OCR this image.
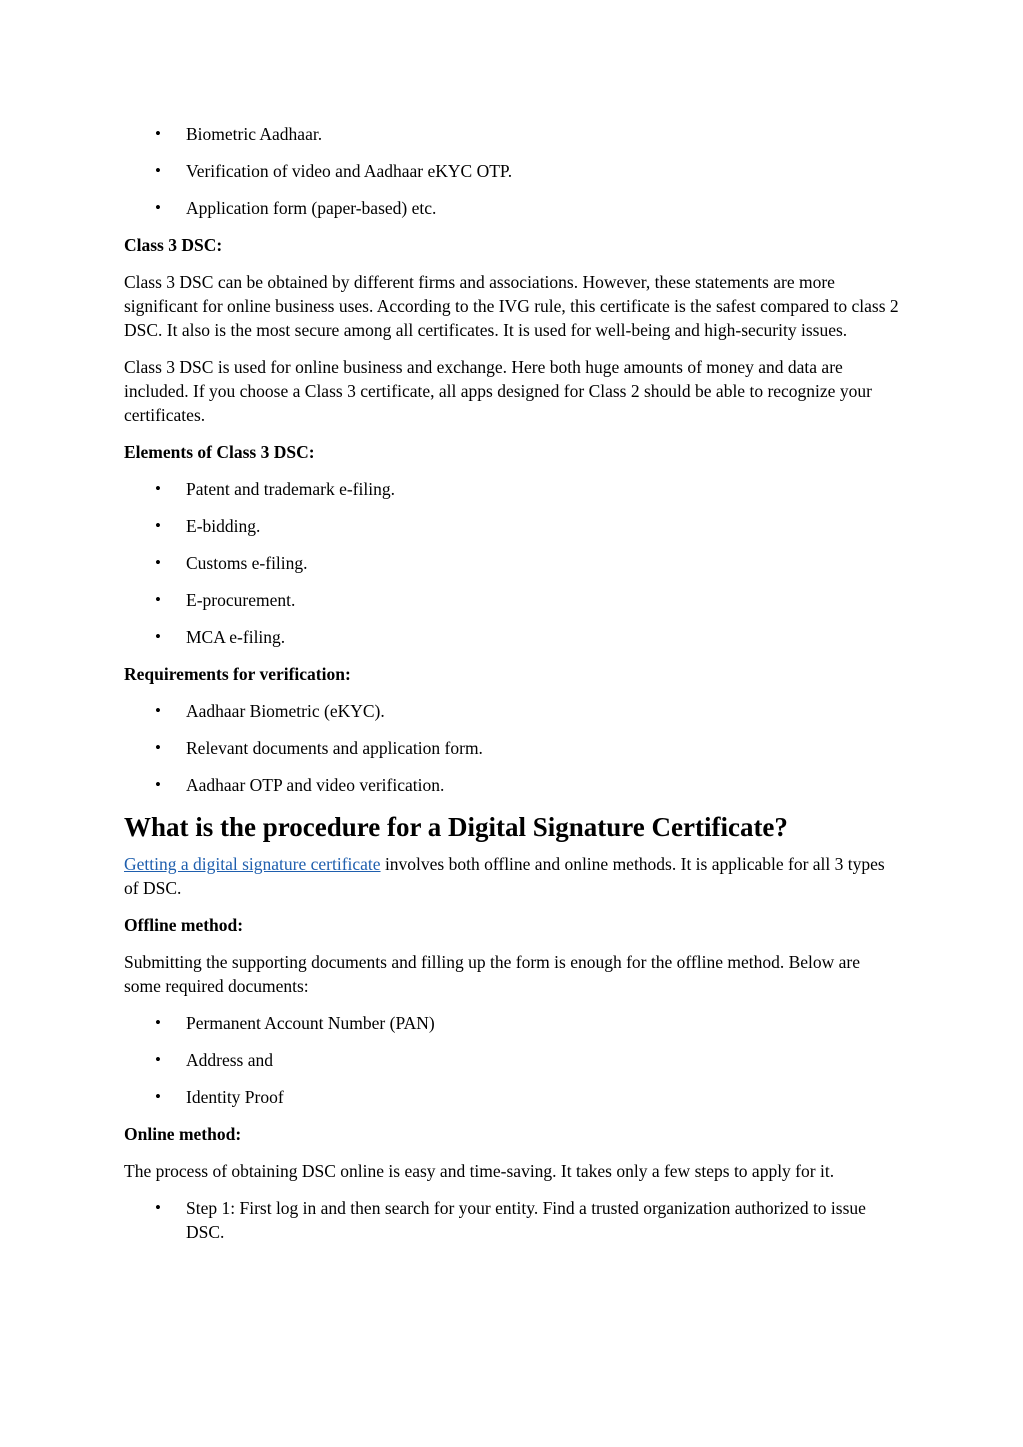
• Biometric Aadhaar.
• Verification of video and Aadhaar eKYC OTP.
• Application form (paper-based) etc.

Class 3 DSC:

Class 3 DSC can be obtained by different firms and associations. However, these statements are more significant for online business uses. According to the IVG rule, this certificate is the safest compared to class 2 DSC. It also is the most secure among all certificates. It is used for well-being and high-security issues.

Class 3 DSC is used for online business and exchange. Here both huge amounts of money and data are included. If you choose a Class 3 certificate, all apps designed for Class 2 should be able to recognize your certificates.

Elements of Class 3 DSC:

• Patent and trademark e-filing.
• E-bidding.
• Customs e-filing.
• E-procurement.
• MCA e-filing.

Requirements for verification:

• Aadhaar Biometric (eKYC).
• Relevant documents and application form.
• Aadhaar OTP and video verification.
What is the procedure for a Digital Signature Certificate?

Getting a digital signature certificate involves both offline and online methods. It is applicable for all 3 types of DSC.

Offline method:

Submitting the supporting documents and filling up the form is enough for the offline method. Below are some required documents:

• Permanent Account Number (PAN)
• Address and
• Identity Proof

Online method:

The process of obtaining DSC online is easy and time-saving. It takes only a few steps to apply for it.

• Step 1: First log in and then search for your entity. Find a trusted organization authorized to issue DSC.
